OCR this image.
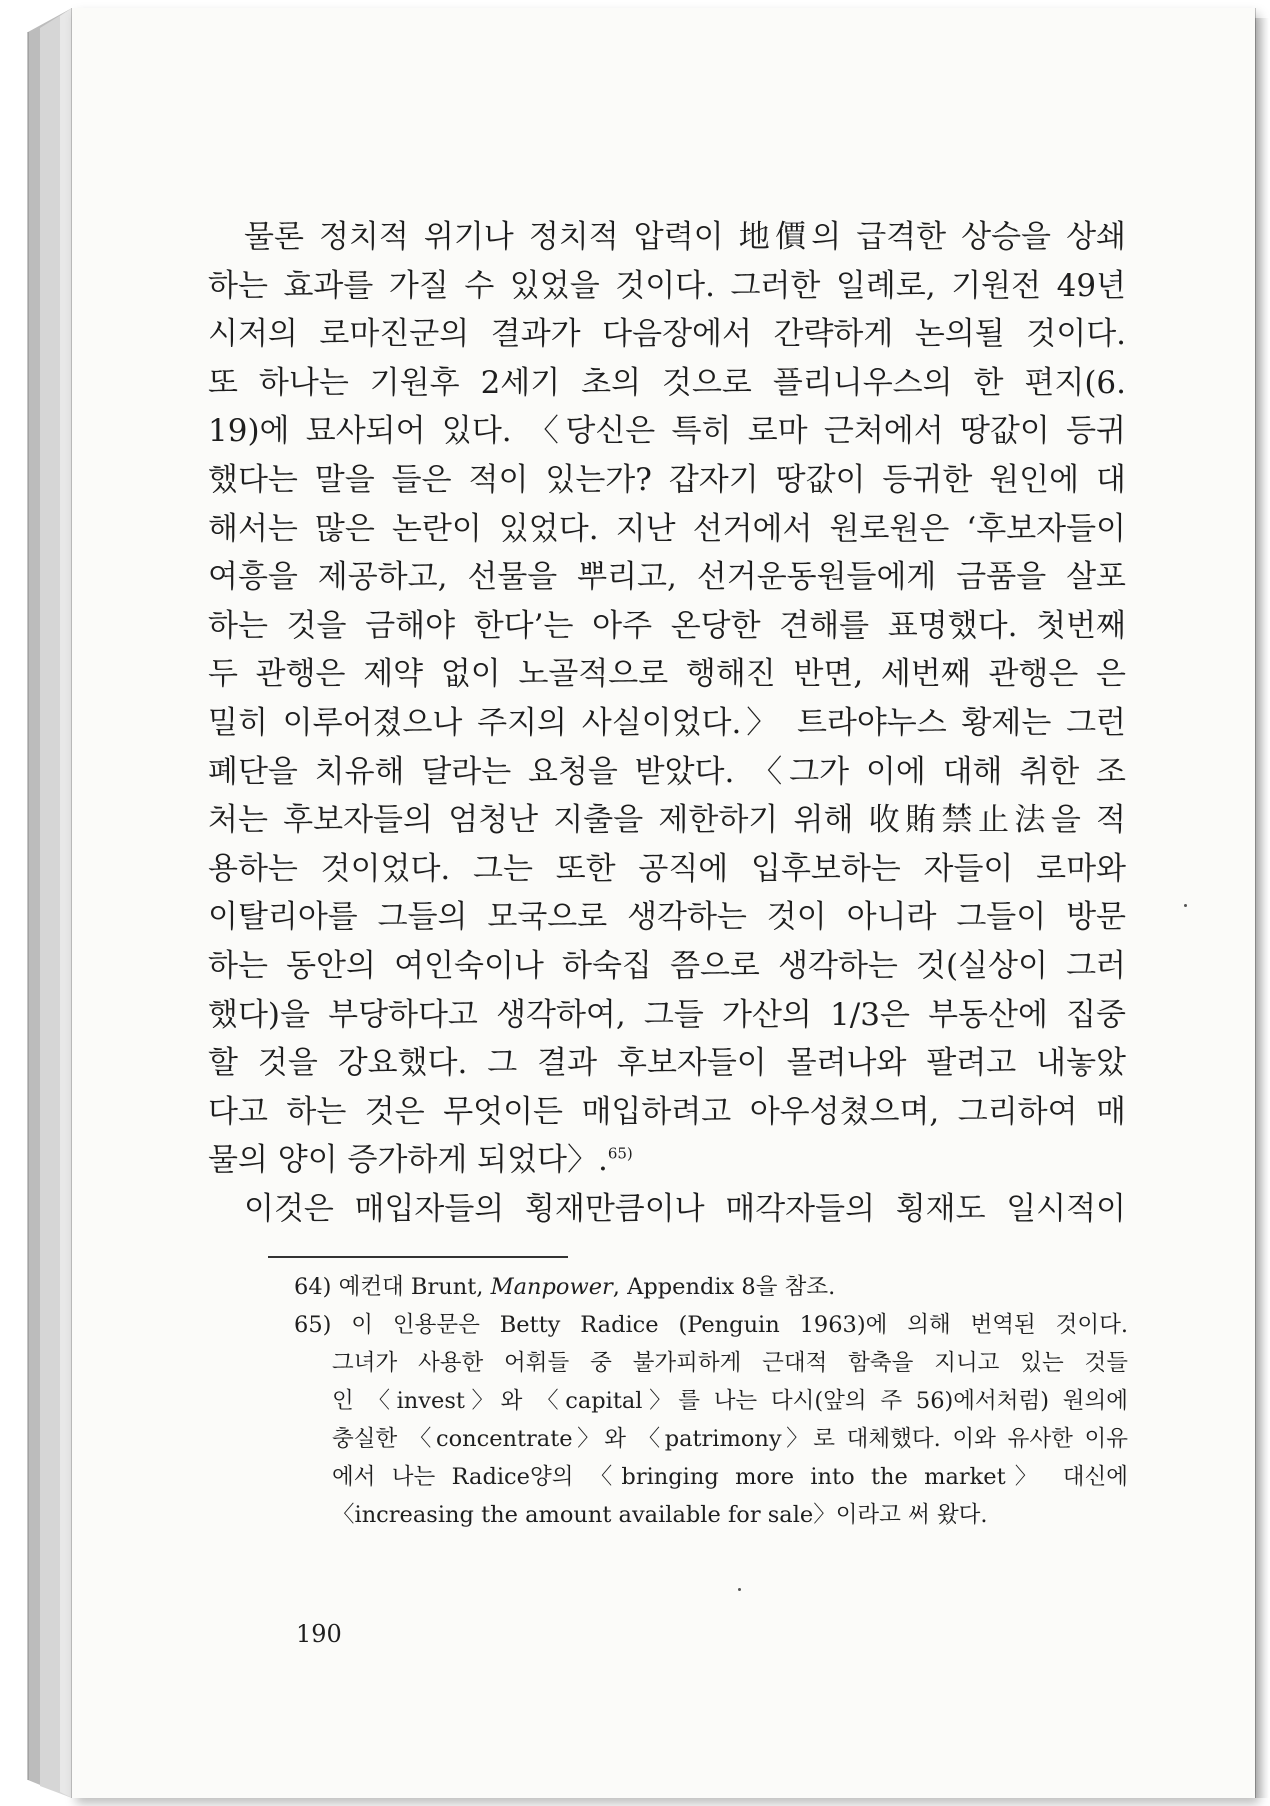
물론 정치적 위기나 정치적 압력이 地價의 급격한 상승을 상쇄
하는 효과를 가질 수 있었을 것이다. 그러한 일례로, 기원전 49년
시저의 로마진군의 결과가 다음장에서 간략하게 논의될 것이다.
또 하나는 기원후 2세기 초의 것으로 플리니우스의 한 편지(6.
19)에 묘사되어 있다. 〈당신은 특히 로마 근처에서 땅값이 등귀
했다는 말을 들은 적이 있는가? 갑자기 땅값이 등귀한 원인에 대
해서는 많은 논란이 있었다. 지난 선거에서 원로원은 ‘후보자들이
여흥을 제공하고, 선물을 뿌리고, 선거운동원들에게 금품을 살포
하는 것을 금해야 한다’는 아주 온당한 견해를 표명했다. 첫번째
두 관행은 제약 없이 노골적으로 행해진 반면, 세번째 관행은 은
밀히 이루어졌으나 주지의 사실이었다.〉 트라야누스 황제는 그런
폐단을 치유해 달라는 요청을 받았다. 〈그가 이에 대해 취한 조
처는 후보자들의 엄청난 지출을 제한하기 위해 收賄禁止法을 적
용하는 것이었다. 그는 또한 공직에 입후보하는 자들이 로마와
이탈리아를 그들의 모국으로 생각하는 것이 아니라 그들이 방문
하는 동안의 여인숙이나 하숙집 쯤으로 생각하는 것(실상이 그러
했다)을 부당하다고 생각하여, 그들 가산의 1/3은 부동산에 집중
할 것을 강요했다. 그 결과 후보자들이 몰려나와 팔려고 내놓았
다고 하는 것은 무엇이든 매입하려고 아우성쳤으며, 그리하여 매
물의 양이 증가하게 되었다〉.$^{65)}$
이것은 매입자들의 횡재만큼이나 매각자들의 횡재도 일시적이
64) 예컨대 Brunt, Manpower, Appendix 8을 참조.
65) 이 인용문은 Betty Radice (Penguin 1963)에 의해 번역된 것이다.
그녀가 사용한 어휘들 중 불가피하게 근대적 함축을 지니고 있는 것들
인 〈invest〉와 〈capital〉를 나는 다시(앞의 주 56)에서처럼) 원의에
충실한 〈concentrate〉와 〈patrimony〉로 대체했다. 이와 유사한 이유
에서 나는 Radice양의 〈bringing more into the market〉 대신에
〈increasing the amount available for sale〉이라고 써 왔다.
190
